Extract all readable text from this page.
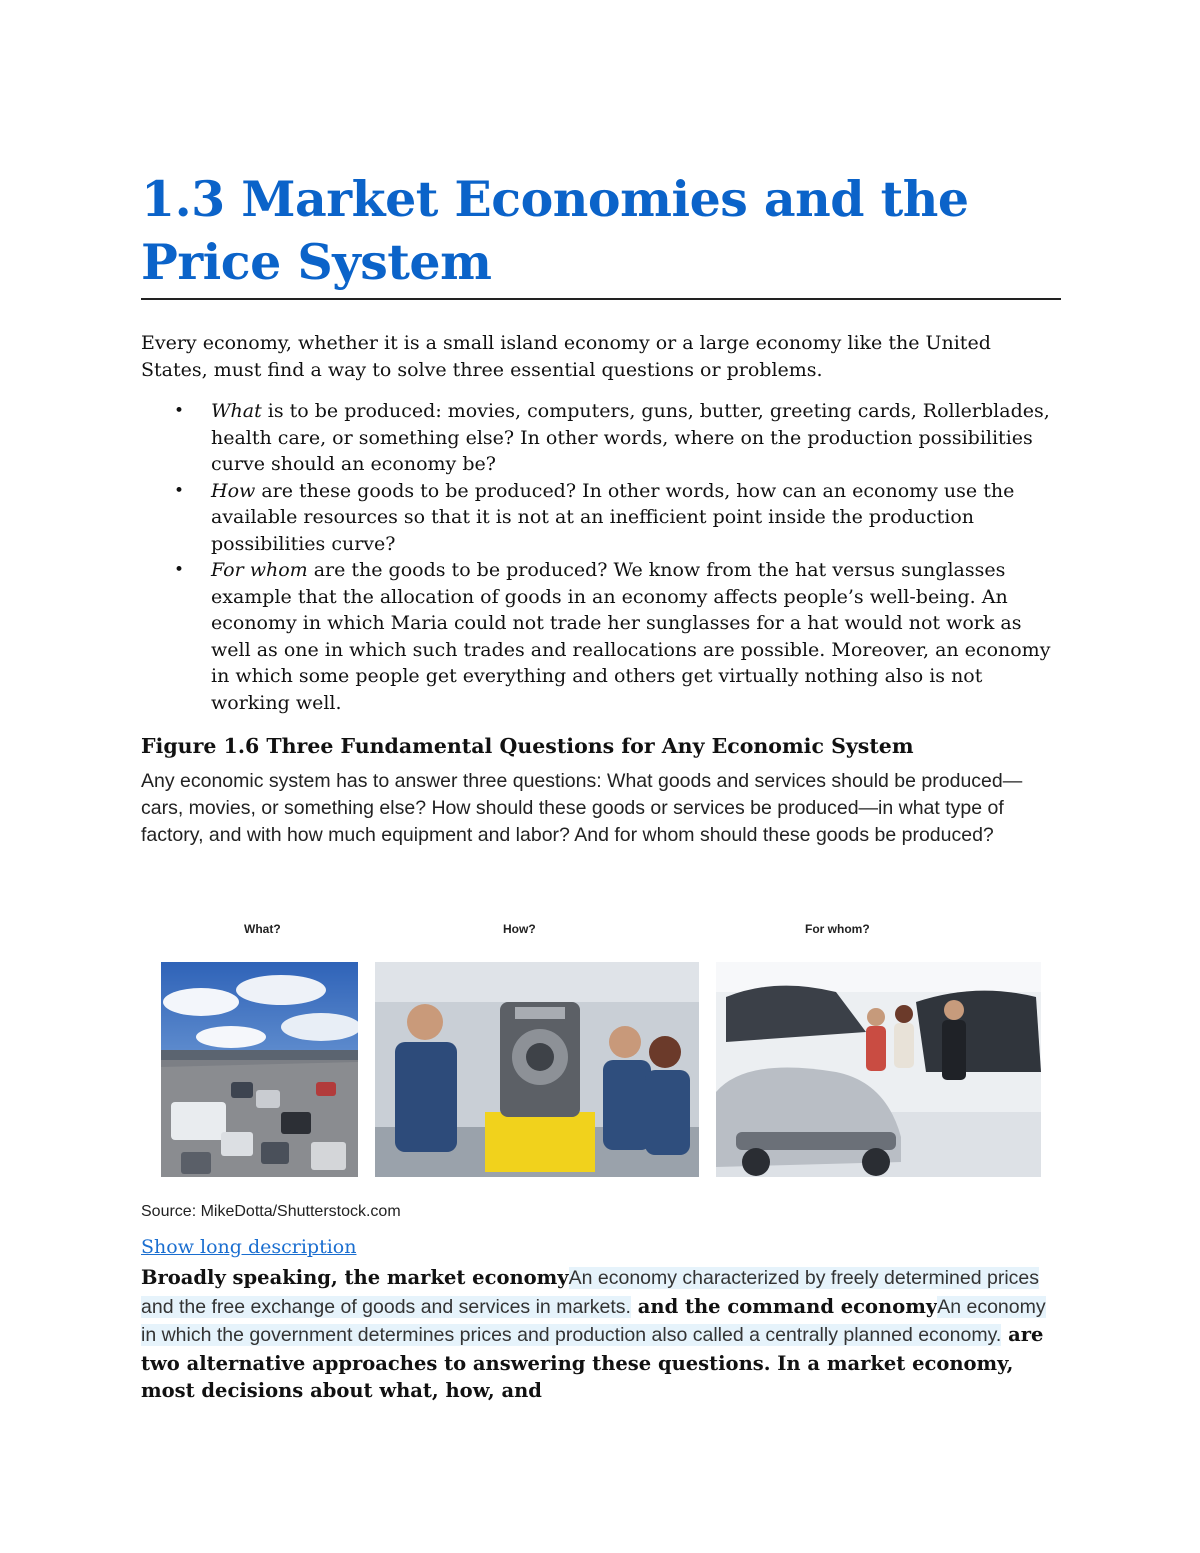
1.3 Market Economies and the Price System

Every economy, whether it is a small island economy or a large economy like the United States, must find a way to solve three essential questions or problems.

• What is to be produced: movies, computers, guns, butter, greeting cards, Rollerblades, health care, or something else? In other words, where on the production possibilities curve should an economy be?
• How are these goods to be produced? In other words, how can an economy use the available resources so that it is not at an inefficient point inside the production possibilities curve?
• For whom are the goods to be produced? We know from the hat versus sunglasses example that the allocation of goods in an economy affects people’s well-being. An economy in which Maria could not trade her sunglasses for a hat would not work as well as one in which such trades and reallocations are possible. Moreover, an economy in which some people get everything and others get virtually nothing also is not working well.
Figure 1.6 Three Fundamental Questions for Any Economic System
Any economic system has to answer three questions: What goods and services should be produced—cars, movies, or something else? How should these goods or services be produced—in what type of factory, and with how much equipment and labor? And for whom should these goods be produced?
What?	How?	For whom?
Source: MikeDotta/Shutterstock.com
Show long description
Broadly speaking, the market economyAn economy characterized by freely determined prices and the free exchange of goods and services in markets. and the command economyAn economy in which the government determines prices and production also called a centrally planned economy. are two alternative approaches to answering these questions. In a market economy, most decisions about what, how, and
